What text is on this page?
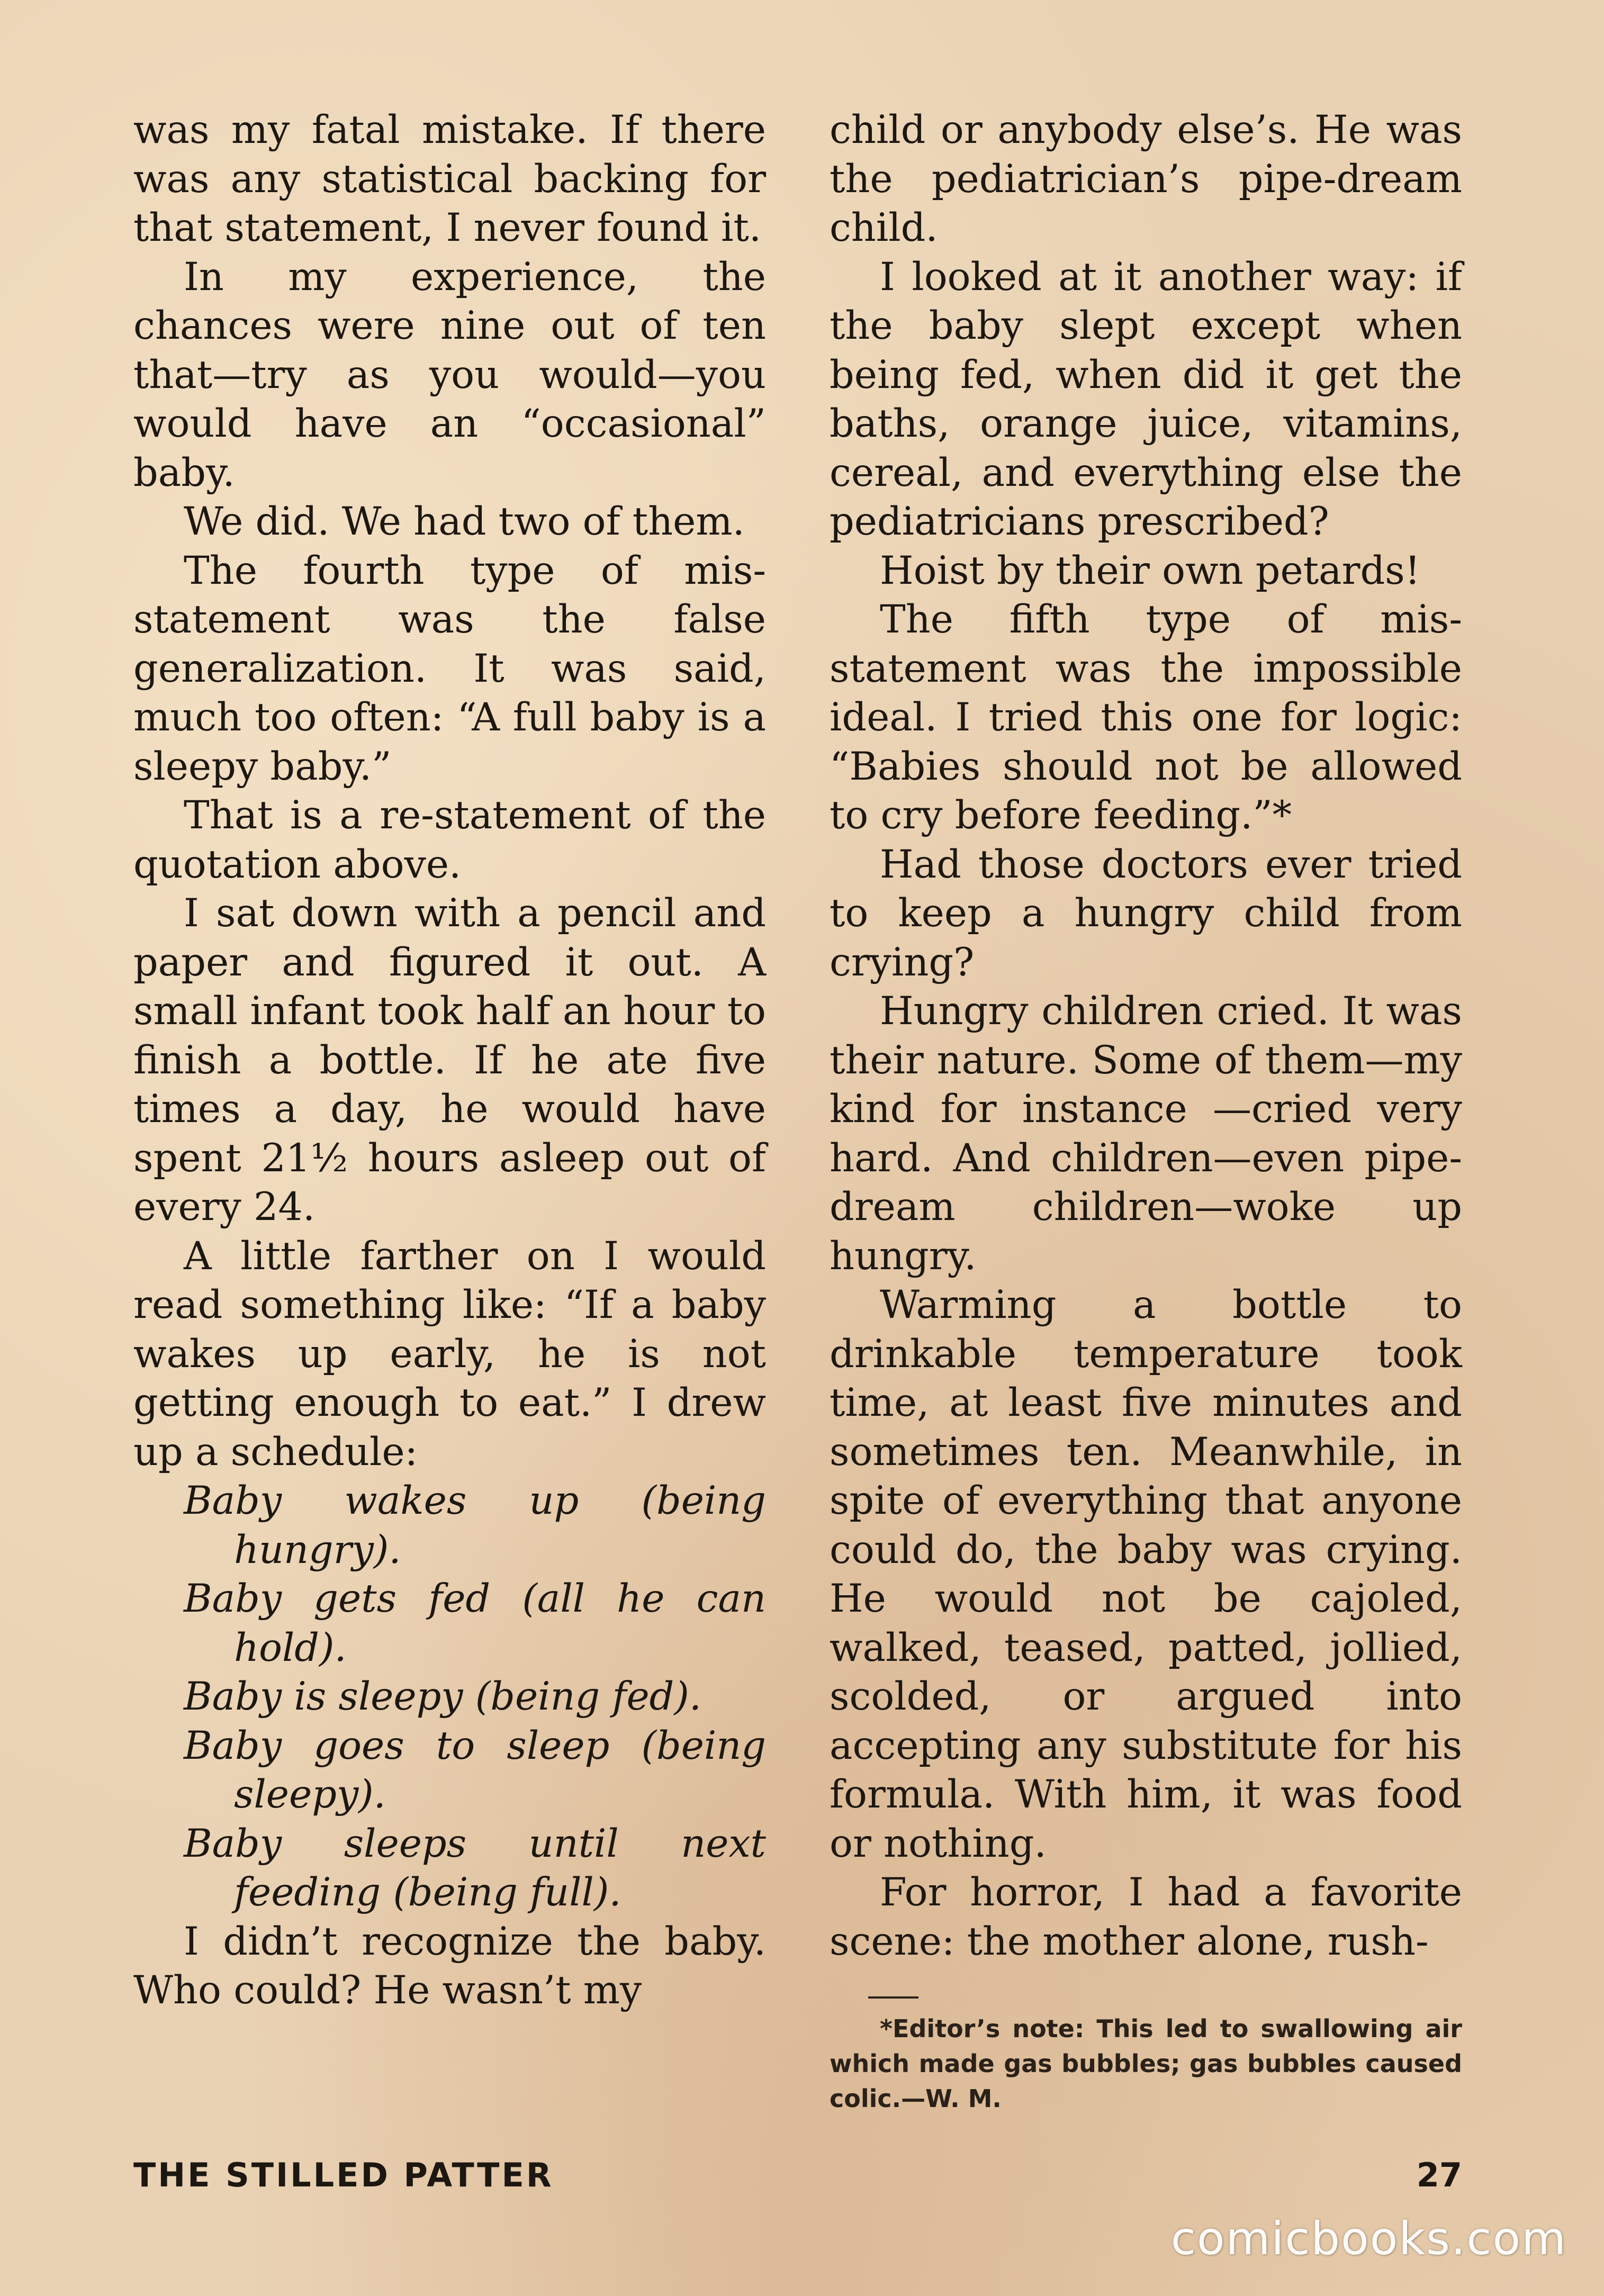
was my fatal mistake. If there was any statistical backing for that statement, I never found it.

In my experience, the chances were nine out of ten that—try as you would—you would have an “occasional” baby.

We did. We had two of them.

The fourth type of mis-statement was the false generalization. It was said, much too often: “A full baby is a sleepy baby.”

That is a re-statement of the quotation above.

I sat down with a pencil and paper and figured it out. A small infant took half an hour to finish a bottle. If he ate five times a day, he would have spent 21½ hours asleep out of every 24.

A little farther on I would read something like: “If a baby wakes up early, he is not getting enough to eat.” I drew up a schedule:

Baby wakes up (being hungry).
Baby gets fed (all he can hold).
Baby is sleepy (being fed).
Baby goes to sleep (being sleepy).
Baby sleeps until next feeding (being full).

I didn’t recognize the baby. Who could? He wasn’t my

child or anybody else’s. He was the pediatrician’s pipe-dream child.

I looked at it another way: if the baby slept except when being fed, when did it get the baths, orange juice, vitamins, cereal, and everything else the pediatricians prescribed?

Hoist by their own petards!

The fifth type of mis-statement was the impossible ideal. I tried this one for logic: “Babies should not be allowed to cry before feeding.”*

Had those doctors ever tried to keep a hungry child from crying?

Hungry children cried. It was their nature. Some of them—my kind for instance —cried very hard. And children—even pipe-dream children—woke up hungry.

Warming a bottle to drinkable temperature took time, at least five minutes and sometimes ten. Meanwhile, in spite of everything that anyone could do, the baby was crying. He would not be cajoled, walked, teased, patted, jollied, scolded, or argued into accepting any substitute for his formula. With him, it was food or nothing.

For horror, I had a favorite scene: the mother alone, rush-

*Editor’s note: This led to swallowing air which made gas bubbles; gas bubbles caused colic.—W. M.

THE STILLED PATTER	27
comicbooks.com
